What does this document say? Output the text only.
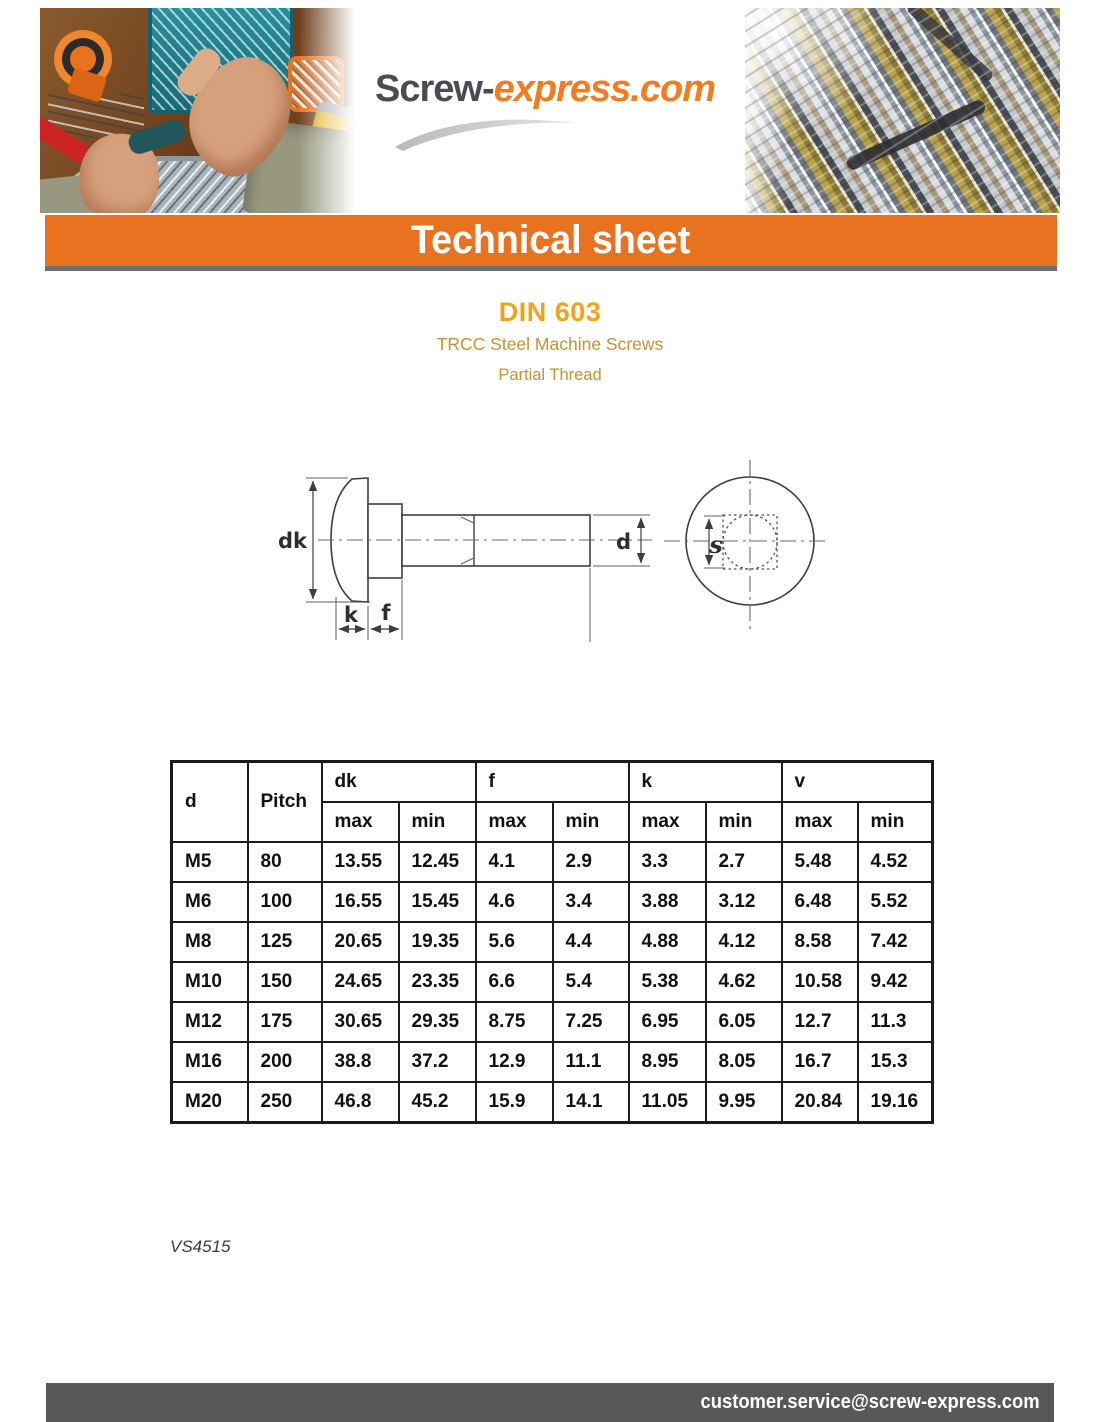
Screw-express.com
Technical sheet
DIN 603
TRCC Steel Machine Screws
Partial Thread
dk	d
k f
s
d	Pitch	dk		f		k		v	
		max	min	max	min	max	min	max	min
M5	80	13.55	12.45	4.1	2.9	3.3	2.7	5.48	4.52
M6	100	16.55	15.45	4.6	3.4	3.88	3.12	6.48	5.52
M8	125	20.65	19.35	5.6	4.4	4.88	4.12	8.58	7.42
M10	150	24.65	23.35	6.6	5.4	5.38	4.62	10.58	9.42
M12	175	30.65	29.35	8.75	7.25	6.95	6.05	12.7	11.3
M16	200	38.8	37.2	12.9	11.1	8.95	8.05	16.7	15.3
M20	250	46.8	45.2	15.9	14.1	11.05	9.95	20.84	19.16
VS4515
customer.service@screw-express.com
